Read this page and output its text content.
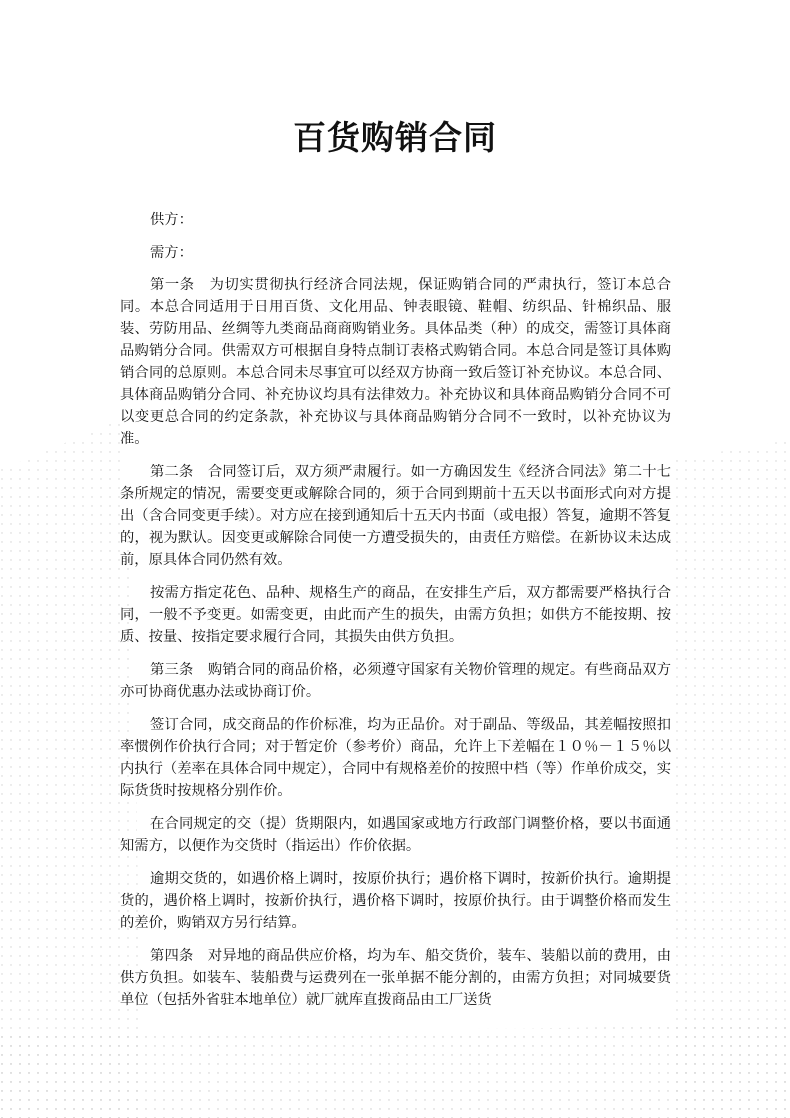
百货购销合同
供方：
需方：

第一条　为切实贯彻执行经济合同法规，保证购销合同的严肃执行，签订本总合同。本总合同适用于日用百货、文化用品、钟表眼镜、鞋帽、纺织品、针棉织品、服装、劳防用品、丝绸等九类商品商商购销业务。具体品类（种）的成交，需签订具体商品购销分合同。供需双方可根据自身特点制订表格式购销合同。本总合同是签订具体购销合同的总原则。本总合同未尽事宜可以经双方协商一致后签订补充协议。本总合同、具体商品购销分合同、补充协议均具有法律效力。补充协议和具体商品购销分合同不可以变更总合同的约定条款，补充协议与具体商品购销分合同不一致时，以补充协议为准。

第二条　合同签订后，双方须严肃履行。如一方确因发生《经济合同法》第二十七条所规定的情况，需要变更或解除合同的，须于合同到期前十五天以书面形式向对方提出（含合同变更手续）。对方应在接到通知后十五天内书面（或电报）答复，逾期不答复的，视为默认。因变更或解除合同使一方遭受损失的，由责任方赔偿。在新协议未达成前，原具体合同仍然有效。

按需方指定花色、品种、规格生产的商品，在安排生产后，双方都需要严格执行合同，一般不予变更。如需变更，由此而产生的损失，由需方负担；如供方不能按期、按质、按量、按指定要求履行合同，其损失由供方负担。

第三条　购销合同的商品价格，必须遵守国家有关物价管理的规定。有些商品双方亦可协商优惠办法或协商订价。

签订合同，成交商品的作价标准，均为正品价。对于副品、等级品，其差幅按照扣率惯例作价执行合同；对于暂定价（参考价）商品，允许上下差幅在１０％－１５％以内执行（差率在具体合同中规定），合同中有规格差价的按照中档（等）作单价成交，实际货货时按规格分别作价。

在合同规定的交（提）货期限内，如遇国家或地方行政部门调整价格，要以书面通知需方，以便作为交货时（指运出）作价依据。

逾期交货的，如遇价格上调时，按原价执行；遇价格下调时，按新价执行。逾期提货的，遇价格上调时，按新价执行，遇价格下调时，按原价执行。由于调整价格而发生的差价，购销双方另行结算。

第四条　对异地的商品供应价格，均为车、船交货价，装车、装船以前的费用，由供方负担。如装车、装船费与运费列在一张单据不能分割的，由需方负担；对同城要货单位（包括外省驻本地单位）就厂就库直拨商品由工厂送货
